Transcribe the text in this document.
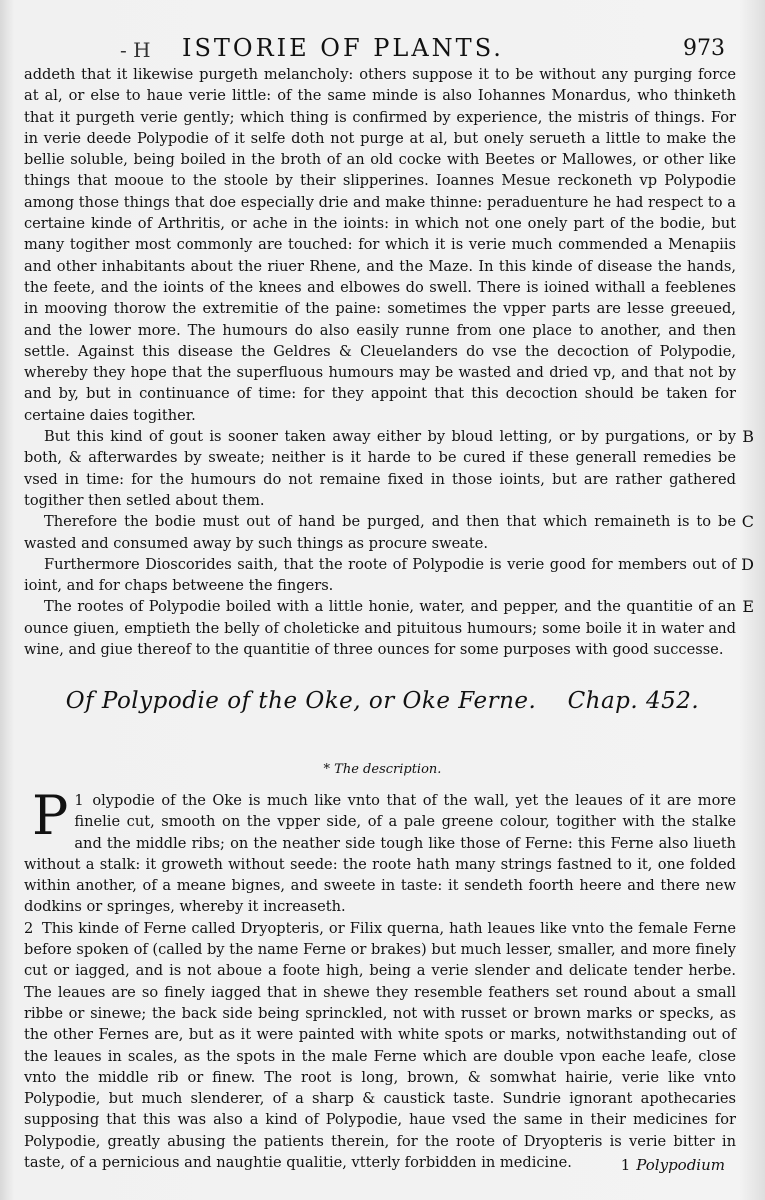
- H ISTORIE OF PLANTS.	973

addeth that it likewise purgeth melancholy: others suppose it to be without any purging force at al, or else to haue verie little: of the same minde is also Iohannes Monardus, who thinketh that it purgeth verie gently; which thing is confirmed by experience, the mistris of things. For in verie deede Polypodie of it selfe doth not purge at al, but onely serueth a little to make the bellie soluble, being boiled in the broth of an old cocke with Beetes or Mallowes, or other like things that mooue to the stoole by their slipperines. Ioannes Mesue reckoneth vp Polypodie among those things that doe especially drie and make thinne: peraduenture he had respect to a certaine kinde of Arthritis, or ache in the ioints: in which not one onely part of the bodie, but many togither most commonly are touched: for which it is verie much commended a Menapiis and other inhabitants about the riuer Rhene, and the Maze. In this kinde of disease the hands, the feete, and the ioints of the knees and elbowes do swell. There is ioined withall a feeblenes in mooving thorow the extremitie of the paine: sometimes the vpper parts are lesse greeued, and the lower more. The humours do also easily runne from one place to another, and then settle. Against this disease the Geldres & Cleuelanders do vse the decoction of Polypodie, whereby they hope that the superfluous humours may be wasted and dried vp, and that not by and by, but in continuance of time: for they appoint that this decoction should be taken for certaine daies togither.

But this kind of gout is sooner taken away either by bloud letting, or by purgations, or by both, & afterwardes by sweate; neither is it harde to be cured if these generall remedies be vsed in time: for the humours do not remaine fixed in those ioints, but are rather gathered togither then setled about them.
B

Therefore the bodie must out of hand be purged, and then that which remaineth is to be wasted and consumed away by such things as procure sweate.
C

Furthermore Dioscorides saith, that the roote of Polypodie is verie good for members out of ioint, and for chaps betweene the fingers.
D

The rootes of Polypodie boiled with a little honie, water, and pepper, and the quantitie of an ounce giuen, emptieth the belly of choleticke and pituitous humours; some boile it in water and wine, and giue thereof to the quantitie of three ounces for some purposes with good successe.
E

Of Polypodie of the Oke, or Oke Ferne. Chap. 452.
* The description.

1
P olypodie of the Oke is much like vnto that of the wall, yet the leaues of it are more finelie cut, smooth on the vpper side, of a pale greene colour, togither with the stalke and the middle ribs; on the neather side tough like those of Ferne: this Ferne also liueth without a stalk: it groweth without seede: the roote hath many strings fastned to it, one folded within another, of a meane bignes, and sweete in taste: it sendeth foorth heere and there new dodkins or springes, whereby it increaseth.

2 This kinde of Ferne called Dryopteris, or Filix querna, hath leaues like vnto the female Ferne before spoken of (called by the name Ferne or brakes) but much lesser, smaller, and more finely cut or iagged, and is not aboue a foote high, being a verie slender and delicate tender herbe. The leaues are so finely iagged that in shewe they resemble feathers set round about a small ribbe or sinewe; the back side being sprinckled, not with russet or brown marks or specks, as the other Fernes are, but as it were painted with white spots or marks, notwithstanding out of the leaues in scales, as the spots in the male Ferne which are double vpon eache leafe, close vnto the middle rib or finew. The root is long, brown, & somwhat hairie, verie like vnto Polypodie, but much slenderer, of a sharp & caustick taste. Sundrie ignorant apothecaries supposing that this was also a kind of Polypodie, haue vsed the same in their medicines for Polypodie, greatly abusing the patients therein, for the roote of Dryopteris is verie bitter in taste, of a pernicious and naughtie qualitie, vtterly forbidden in medicine.	1 Polypodium
